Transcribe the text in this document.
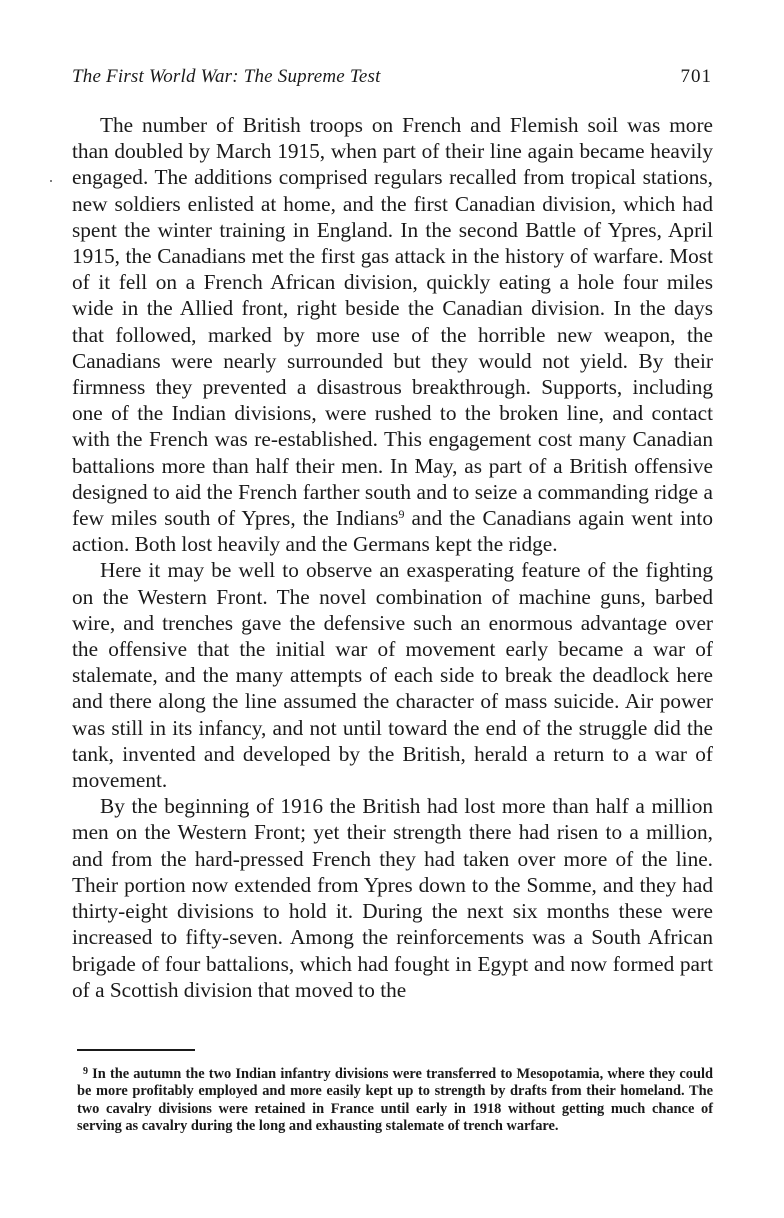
The First World War: The Supreme Test	701

The number of British troops on French and Flemish soil was more than doubled by March 1915, when part of their line again became heavily engaged. The additions comprised regulars recalled from tropical stations, new soldiers enlisted at home, and the first Canadian division, which had spent the winter training in England. In the second Battle of Ypres, April 1915, the Canadians met the first gas attack in the history of warfare. Most of it fell on a French African division, quickly eating a hole four miles wide in the Allied front, right beside the Canadian division. In the days that followed, marked by more use of the horrible new weapon, the Canadians were nearly surrounded but they would not yield. By their firmness they prevented a disastrous breakthrough. Supports, including one of the Indian divisions, were rushed to the broken line, and contact with the French was re-established. This engagement cost many Canadian battalions more than half their men. In May, as part of a British offensive designed to aid the French farther south and to seize a commanding ridge a few miles south of Ypres, the Indians$^9$ and the Canadians again went into action. Both lost heavily and the Germans kept the ridge.

Here it may be well to observe an exasperating feature of the fighting on the Western Front. The novel combination of machine guns, barbed wire, and trenches gave the defensive such an enormous advantage over the offensive that the initial war of movement early became a war of stalemate, and the many attempts of each side to break the deadlock here and there along the line assumed the character of mass suicide. Air power was still in its infancy, and not until toward the end of the struggle did the tank, invented and developed by the British, herald a return to a war of movement.

By the beginning of 1916 the British had lost more than half a million men on the Western Front; yet their strength there had risen to a million, and from the hard-pressed French they had taken over more of the line. Their portion now extended from Ypres down to the Somme, and they had thirty-eight divisions to hold it. During the next six months these were increased to fifty-seven. Among the reinforcements was a South African brigade of four battalions, which had fought in Egypt and now formed part of a Scottish division that moved to the

$^9$ In the autumn the two Indian infantry divisions were transferred to Mesopotamia, where they could be more profitably employed and more easily kept up to strength by drafts from their homeland. The two cavalry divisions were retained in France until early in 1918 without getting much chance of serving as cavalry during the long and exhausting stalemate of trench warfare.
